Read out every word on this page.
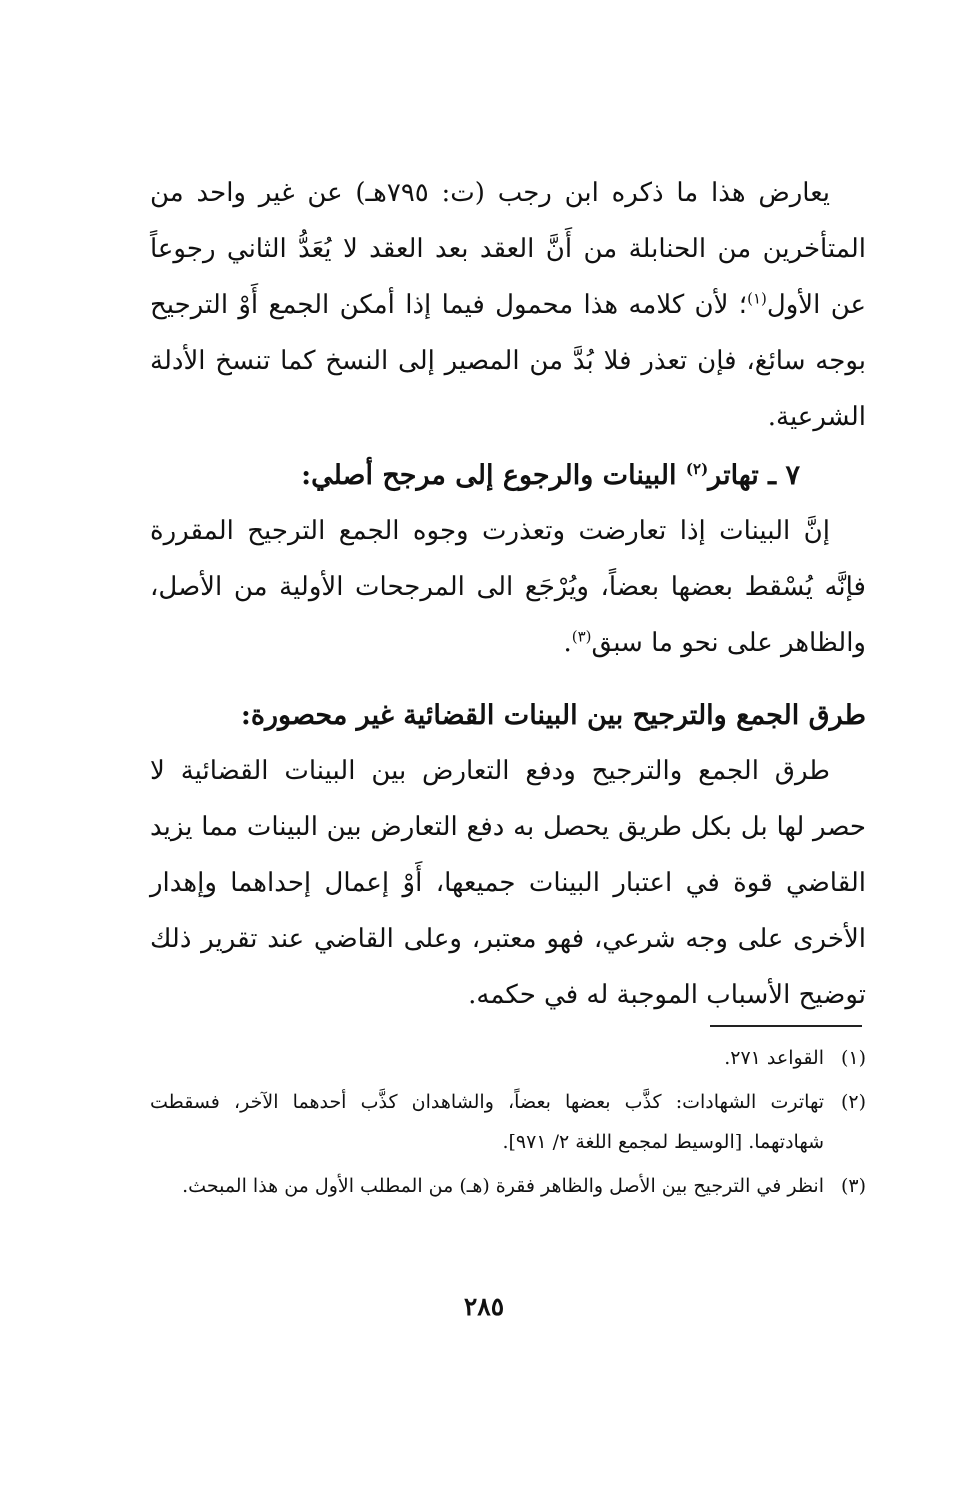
يعارض هذا ما ذكره ابن رجب (ت: ٧٩٥هـ) عن غير واحد من المتأخرين من الحنابلة من أَنَّ العقد بعد العقد لا يُعَدُّ الثاني رجوعاً عن الأول$^{(١)}$؛ لأن كلامه هذا محمول فيما إذا أمكن الجمع أَوْ الترجيح بوجه سائغ، فإن تعذر فلا بُدَّ من المصير إلى النسخ كما تنسخ الأدلة الشرعية.

٧ ـ تهاتر$^{(٢)}$ البينات والرجوع إلى مرجح أصلي:

إنَّ البينات إذا تعارضت وتعذرت وجوه الجمع الترجيح المقررة فإنَّه يُسْقط بعضها بعضاً، ويُرْجَع الى المرجحات الأولية من الأصل، والظاهر على نحو ما سبق$^{(٣)}$.

طرق الجمع والترجيح بين البينات القضائية غير محصورة:

طرق الجمع والترجيح ودفع التعارض بين البينات القضائية لا حصر لها بل بكل طريق يحصل به دفع التعارض بين البينات مما يزيد القاضي قوة في اعتبار البينات جميعها، أَوْ إعمال إحداهما وإهدار الأخرى على وجه شرعي، فهو معتبر، وعلى القاضي عند تقرير ذلك توضيح الأسباب الموجبة له في حكمه.

(١)القواعد ٢٧١.

(٢)تهاترت الشهادات: كذَّب بعضها بعضاً، والشاهدان كذَّب أحدهما الآخر، فسقطت شهادتهما. [الوسيط لمجمع اللغة ٢/ ٩٧١].

(٣)انظر في الترجيح بين الأصل والظاهر فقرة (هـ) من المطلب الأول من هذا المبحث.

٢٨٥
